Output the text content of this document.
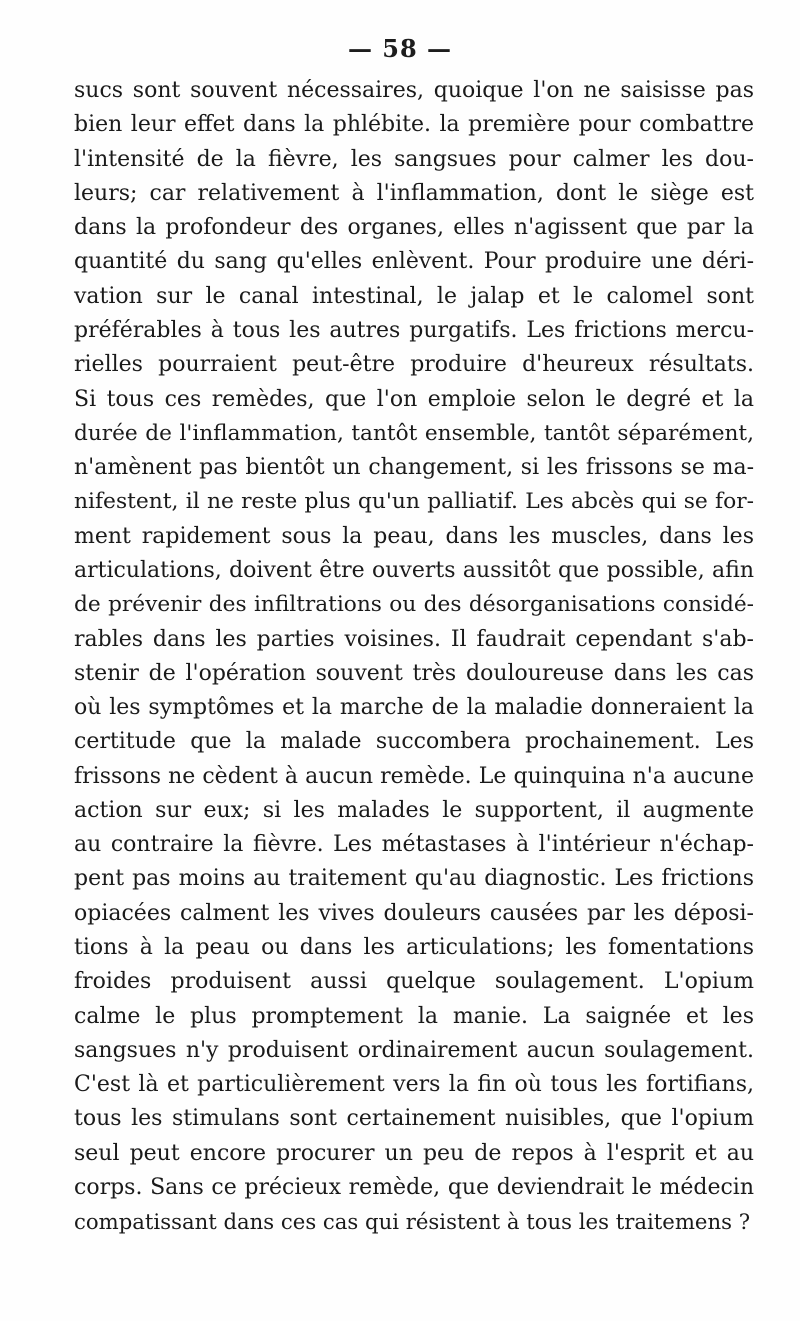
— 58 —
sucs sont souvent nécessaires, quoique l'on ne saisisse pas
bien leur effet dans la phlébite. la première pour combattre
l'intensité de la fièvre, les sangsues pour calmer les dou-
leurs; car relativement à l'inflammation, dont le siège est
dans la profondeur des organes, elles n'agissent que par la
quantité du sang qu'elles enlèvent. Pour produire une déri-
vation sur le canal intestinal, le jalap et le calomel sont
préférables à tous les autres purgatifs. Les frictions mercu-
rielles pourraient peut-être produire d'heureux résultats.
Si tous ces remèdes, que l'on emploie selon le degré et la
durée de l'inflammation, tantôt ensemble, tantôt séparément,
n'amènent pas bientôt un changement, si les frissons se ma-
nifestent, il ne reste plus qu'un palliatif. Les abcès qui se for-
ment rapidement sous la peau, dans les muscles, dans les
articulations, doivent être ouverts aussitôt que possible, afin
de prévenir des infiltrations ou des désorganisations considé-
rables dans les parties voisines. Il faudrait cependant s'ab-
stenir de l'opération souvent très douloureuse dans les cas
où les symptômes et la marche de la maladie donneraient la
certitude que la malade succombera prochainement. Les
frissons ne cèdent à aucun remède. Le quinquina n'a aucune
action sur eux; si les malades le supportent, il augmente
au contraire la fièvre. Les métastases à l'intérieur n'échap-
pent pas moins au traitement qu'au diagnostic. Les frictions
opiacées calment les vives douleurs causées par les déposi-
tions à la peau ou dans les articulations; les fomentations
froides produisent aussi quelque soulagement. L'opium
calme le plus promptement la manie. La saignée et les
sangsues n'y produisent ordinairement aucun soulagement.
C'est là et particulièrement vers la fin où tous les fortifians,
tous les stimulans sont certainement nuisibles, que l'opium
seul peut encore procurer un peu de repos à l'esprit et au
corps. Sans ce précieux remède, que deviendrait le médecin
compatissant dans ces cas qui résistent à tous les traitemens ?
